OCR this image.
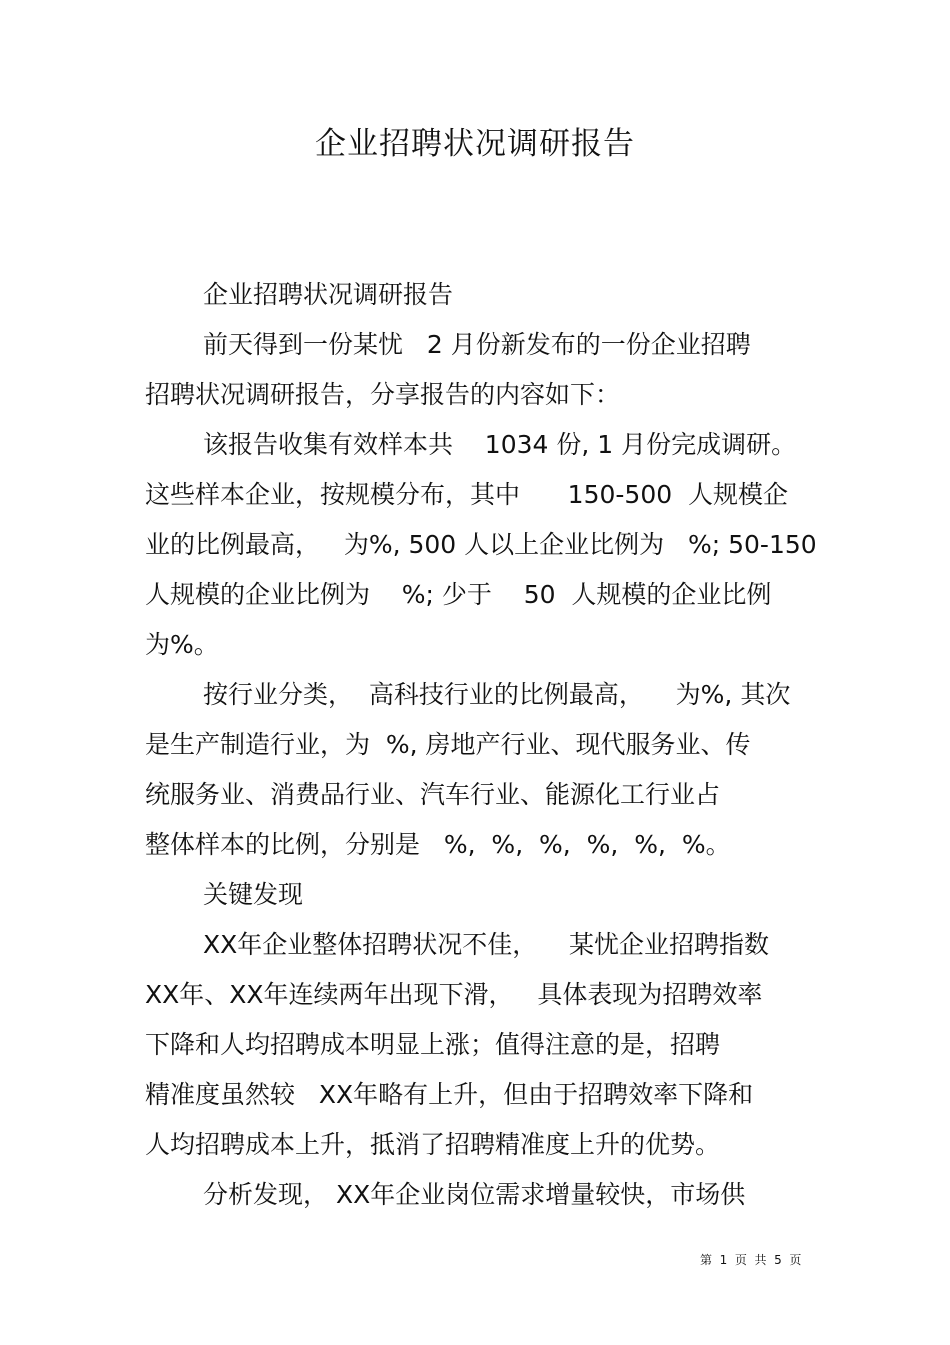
企业招聘状况调研报告
企业招聘状况调研报告
前天得到一份某忧   2 月份新发布的一份企业招聘
招聘状况调研报告，分享报告的内容如下：
该报告收集有效样本共    1034 份, 1 月份完成调研。
这些样本企业，按规模分布，其中      150-500  人规模企
业的比例最高，   为%, 500 人以上企业比例为   %; 50-150
人规模的企业比例为    %; 少于    50  人规模的企业比例
为%。
按行业分类，  高科技行业的比例最高，    为%, 其次
是生产制造行业，为  %, 房地产行业、现代服务业、传
统服务业、消费品行业、汽车行业、能源化工行业占
整体样本的比例，分别是   %,  %,  %,  %,  %,  %。
关键发现
XX年企业整体招聘状况不佳，    某忧企业招聘指数
XX年、XX年连续两年出现下滑，   具体表现为招聘效率
下降和人均招聘成本明显上涨；值得注意的是，招聘
精准度虽然较   XX年略有上升，但由于招聘效率下降和
人均招聘成本上升，抵消了招聘精准度上升的优势。
分析发现， XX年企业岗位需求增量较快，市场供
第  1  页  共  5  页
